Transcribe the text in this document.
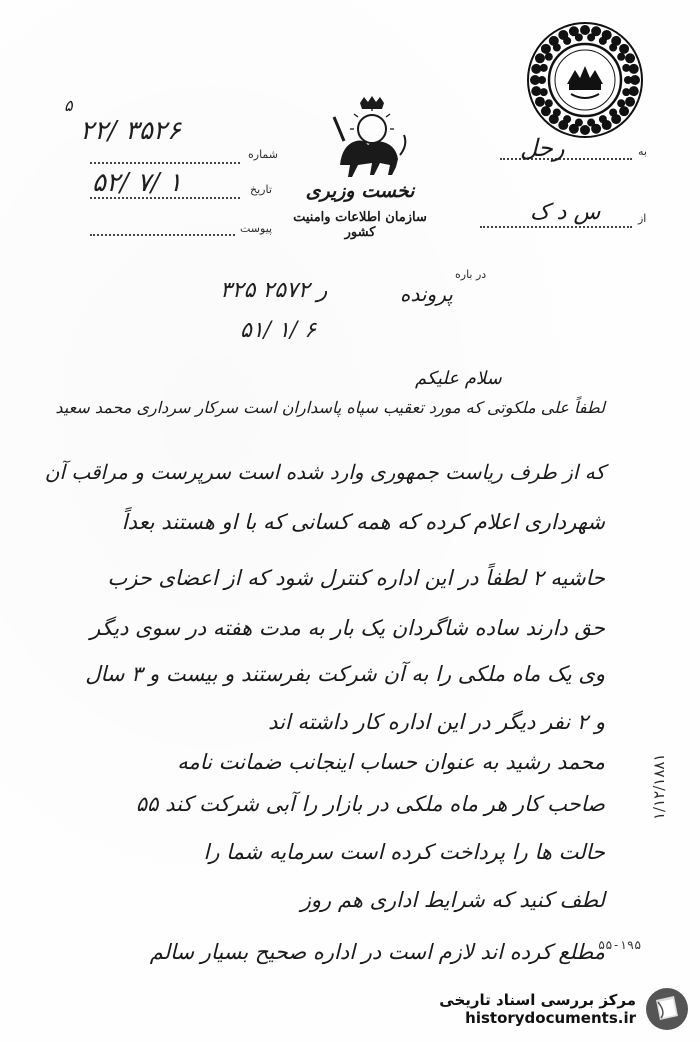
نخست وزیری
سازمان اطلاعات وامنیت کشور
شماره
تاریخ
پیوست
۵
۲۲/ ۳۵۲۶
۵۲/ ۷/ ۱
به
رحل
از
س د ک
در باره
پرونده
۳۲۵ ۲۵۷۲ ر
۵۱/ ۱/ ۶
سلام علیکم
لطفاً علی ملکوتی که مورد تعقیب سپاه پاسداران است سرکار سرداری محمد سعید
که از طرف ریاست جمهوری وارد شده است سرپرست و مراقب آن
شهرداری اعلام کرده که همه کسانی که با او هستند بعداً
حاشیه ۲ لطفاً در این اداره کنترل شود که از اعضای حزب
حق دارند ساده شاگردان یک بار به مدت هفته در سوی دیگر
وی یک ماه ملکی را به آن شرکت بفرستند و بیست و ۳ سال
و ۲ نفر دیگر در این اداره کار داشته اند
محمد رشید به عنوان حساب اینجانب ضمانت نامه
صاحب کار هر ماه ملکی در بازار را آبی شرکت کند ۵۵
حالت ها را پرداخت کرده است سرمایه شما را
لطف کنید که شرایط اداری هم روز
مطلع کرده اند لازم است در اداره صحیح بسیار سالم
۱/۱۲/۱۸۸۱
۵۵-۱۹۵
مرکز بررسی اسناد تاریخی
historydocuments.ir
